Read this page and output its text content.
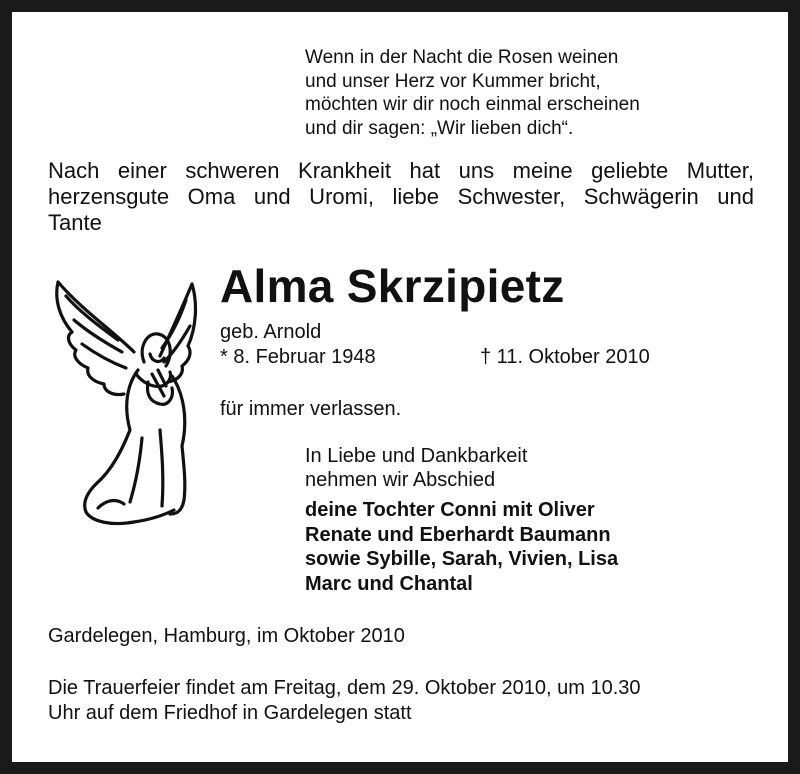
Wenn in der Nacht die Rosen weinen
und unser Herz vor Kummer bricht,
möchten wir dir noch einmal erscheinen
und dir sagen: „Wir lieben dich“.
Nach einer schweren Krankheit hat uns meine geliebte Mutter,
herzensgute Oma und Uromi, liebe Schwester, Schwägerin und
Tante
Alma Skrzipietz
geb. Arnold
* 8. Februar 1948	† 11. Oktober 2010
für immer verlassen.
In Liebe und Dankbarkeit
nehmen wir Abschied
deine Tochter Conni mit Oliver
Renate und Eberhardt Baumann
sowie Sybille, Sarah, Vivien, Lisa
Marc und Chantal
Gardelegen, Hamburg, im Oktober 2010
Die Trauerfeier findet am Freitag, dem 29. Oktober 2010, um 10.30
Uhr auf dem Friedhof in Gardelegen statt
